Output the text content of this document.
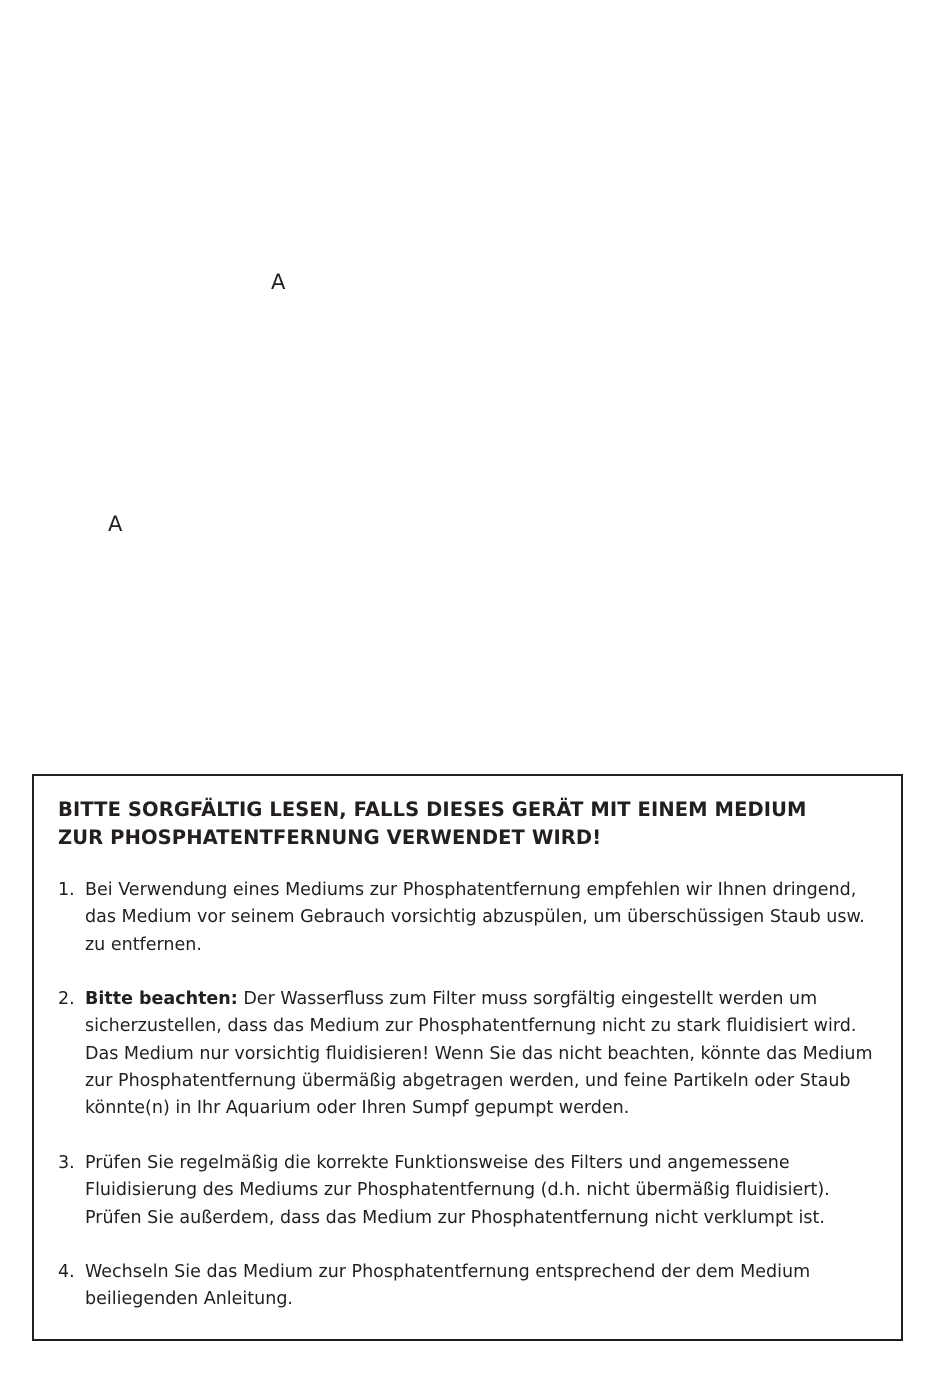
A
A
BITTE SORGFÄLTIG LESEN, FALLS DIESES GERÄT MIT EINEM MEDIUM
ZUR PHOSPHATENTFERNUNG VERWENDET WIRD!
1. Bei Verwendung eines Mediums zur Phosphatentfernung empfehlen wir Ihnen dringend, das Medium vor seinem Gebrauch vorsichtig abzuspülen, um überschüssigen Staub usw. zu entfernen.
2. Bitte beachten: Der Wasserfluss zum Filter muss sorgfältig eingestellt werden um sicherzustellen, dass das Medium zur Phosphatentfernung nicht zu stark fluidisiert wird. Das Medium nur vorsichtig fluidisieren! Wenn Sie das nicht beachten, könnte das Medium zur Phosphatentfernung übermäßig abgetragen werden, und feine Partikeln oder Staub könnte(n) in Ihr Aquarium oder Ihren Sumpf gepumpt werden.
3. Prüfen Sie regelmäßig die korrekte Funktionsweise des Filters und angemessene Fluidisierung des Mediums zur Phosphatentfernung (d.h. nicht übermäßig fluidisiert). Prüfen Sie außerdem, dass das Medium zur Phosphatentfernung nicht verklumpt ist.
4. Wechseln Sie das Medium zur Phosphatentfernung entsprechend der dem Medium beiliegenden Anleitung.
